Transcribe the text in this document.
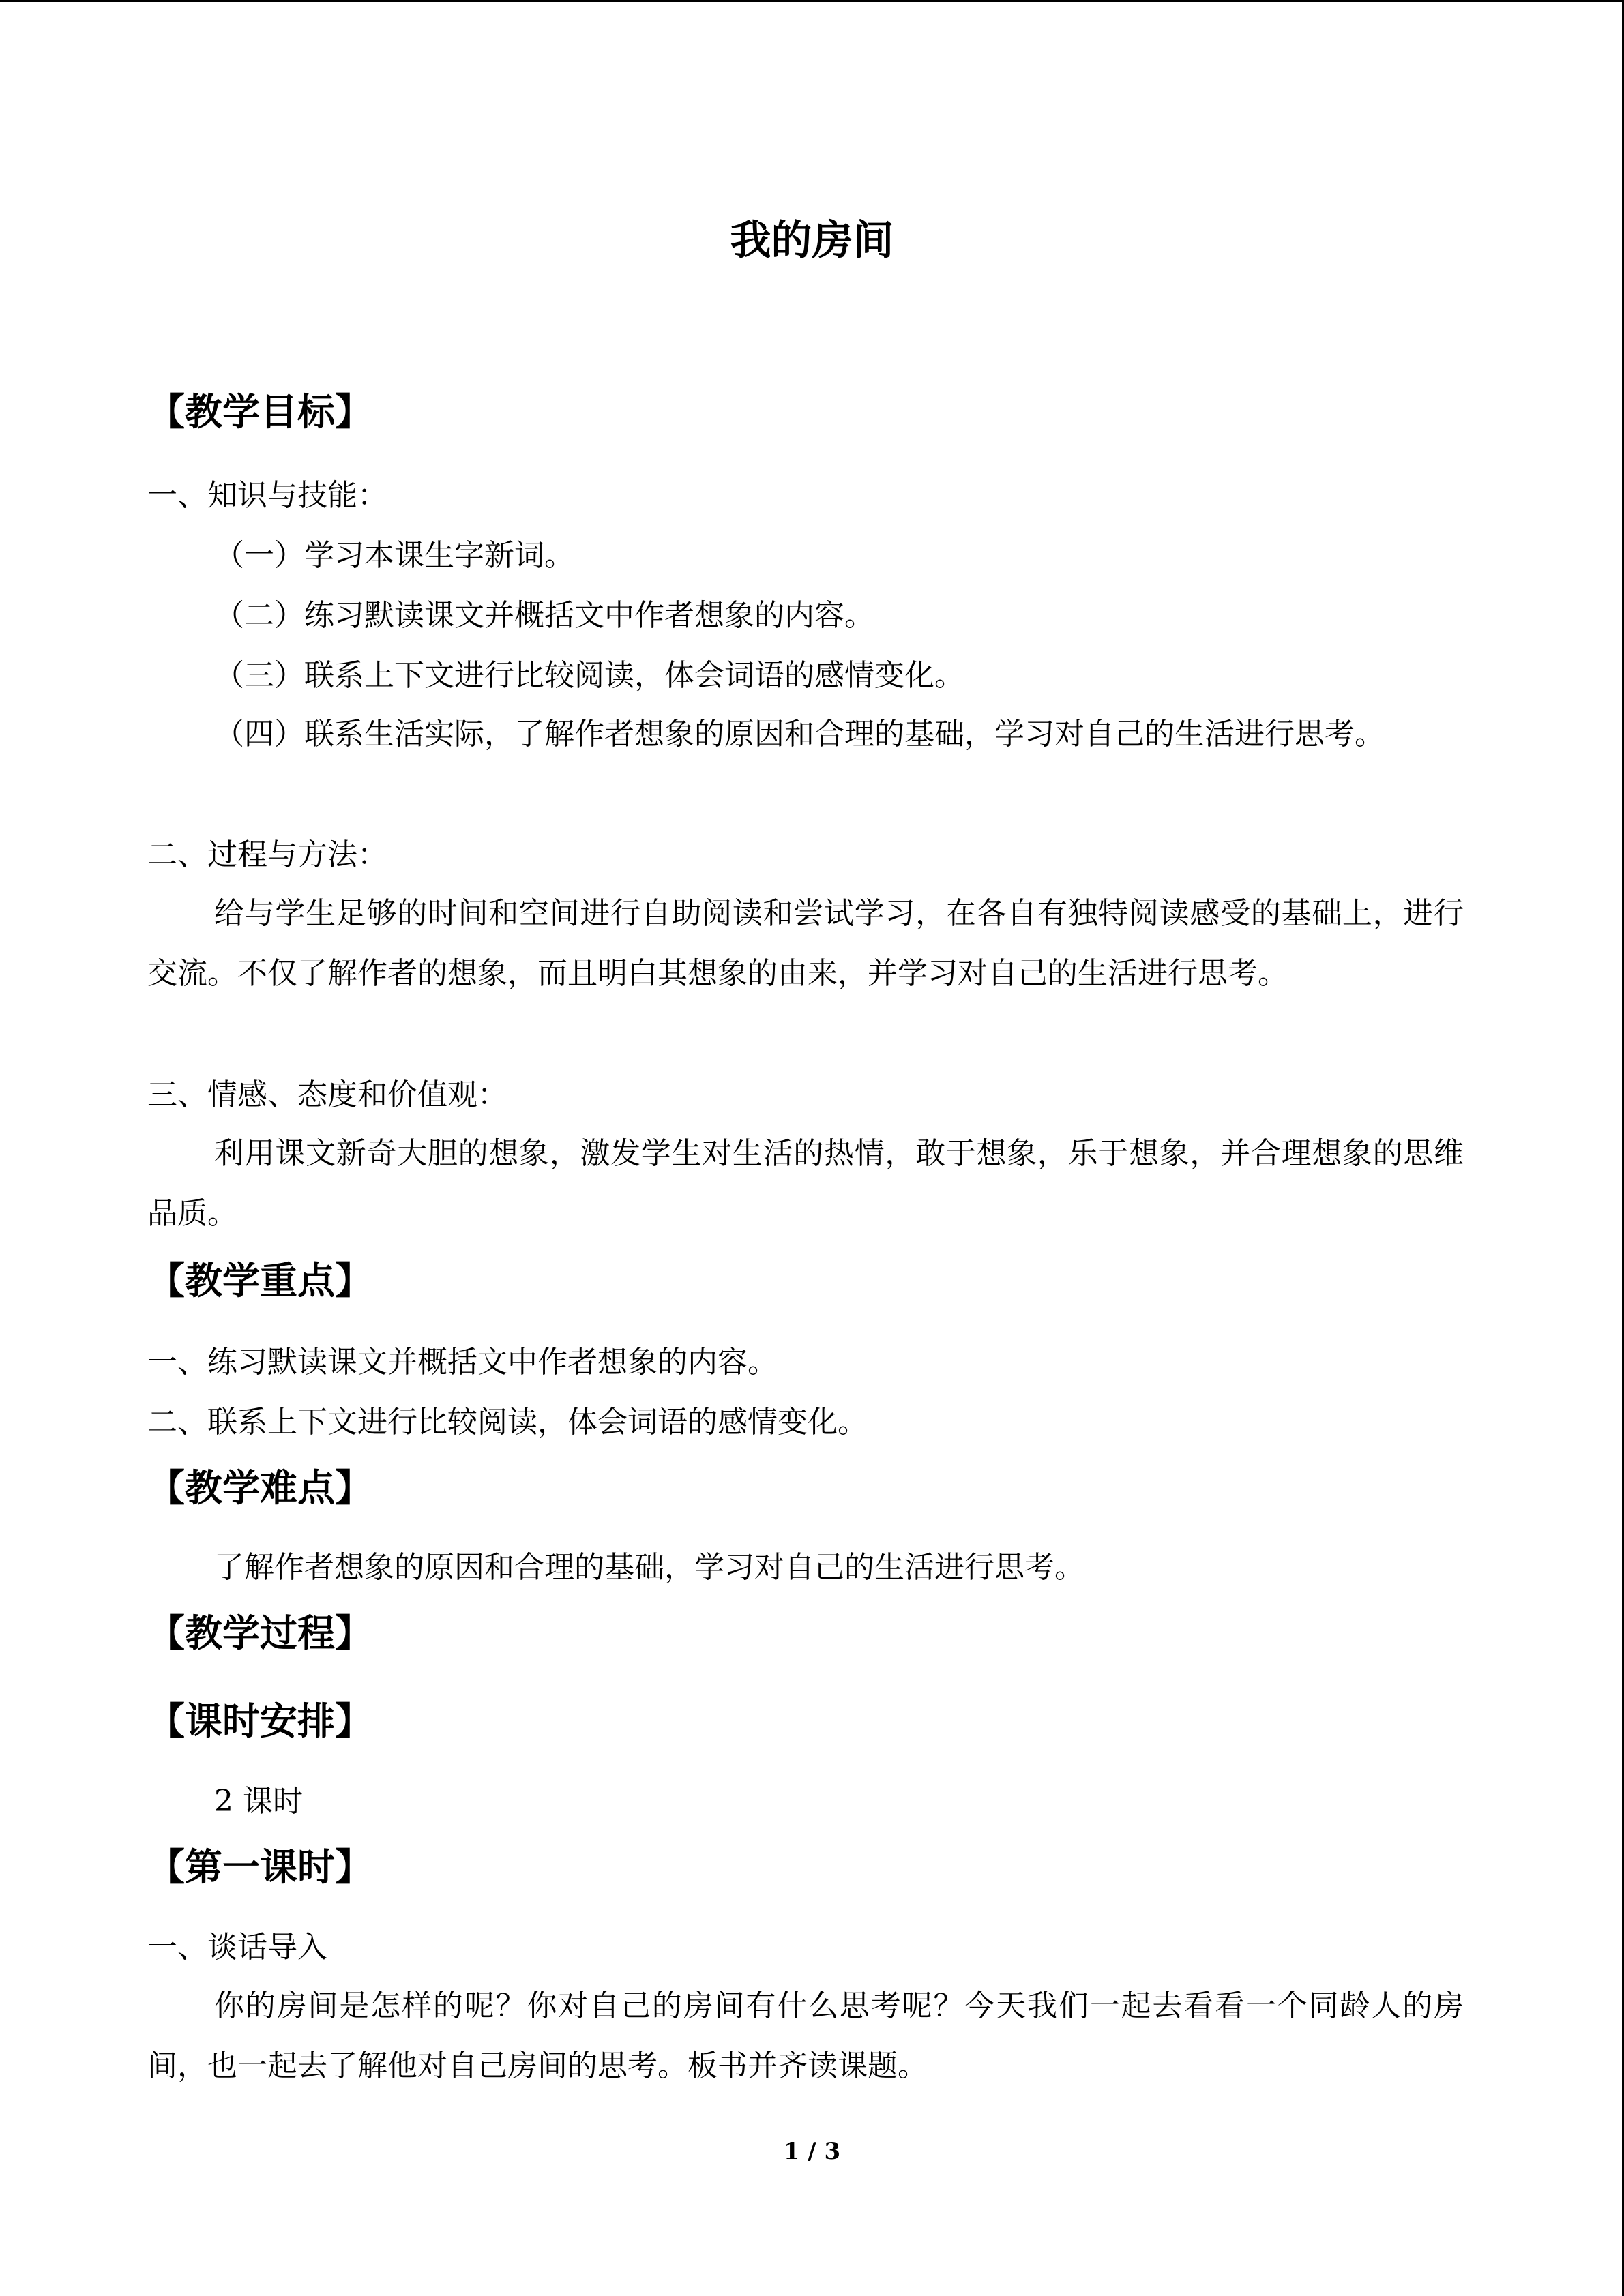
我的房间
【教学目标】
一、知识与技能：
（一）学习本课生字新词。
（二）练习默读课文并概括文中作者想象的内容。
（三）联系上下文进行比较阅读，体会词语的感情变化。
（四）联系生活实际，了解作者想象的原因和合理的基础，学习对自己的生活进行思考。
二、过程与方法：
给与学生足够的时间和空间进行自助阅读和尝试学习，在各自有独特阅读感受的基础上，进行交流。不仅了解作者的想象，而且明白其想象的由来，并学习对自己的生活进行思考。
三、情感、态度和价值观：
利用课文新奇大胆的想象，激发学生对生活的热情，敢于想象，乐于想象，并合理想象的思维品质。
【教学重点】
一、练习默读课文并概括文中作者想象的内容。
二、联系上下文进行比较阅读，体会词语的感情变化。
【教学难点】
了解作者想象的原因和合理的基础，学习对自己的生活进行思考。
【教学过程】
【课时安排】
2 课时
【第一课时】
一、谈话导入
你的房间是怎样的呢？你对自己的房间有什么思考呢？今天我们一起去看看一个同龄人的房间，也一起去了解他对自己房间的思考。板书并齐读课题。
1 / 3
